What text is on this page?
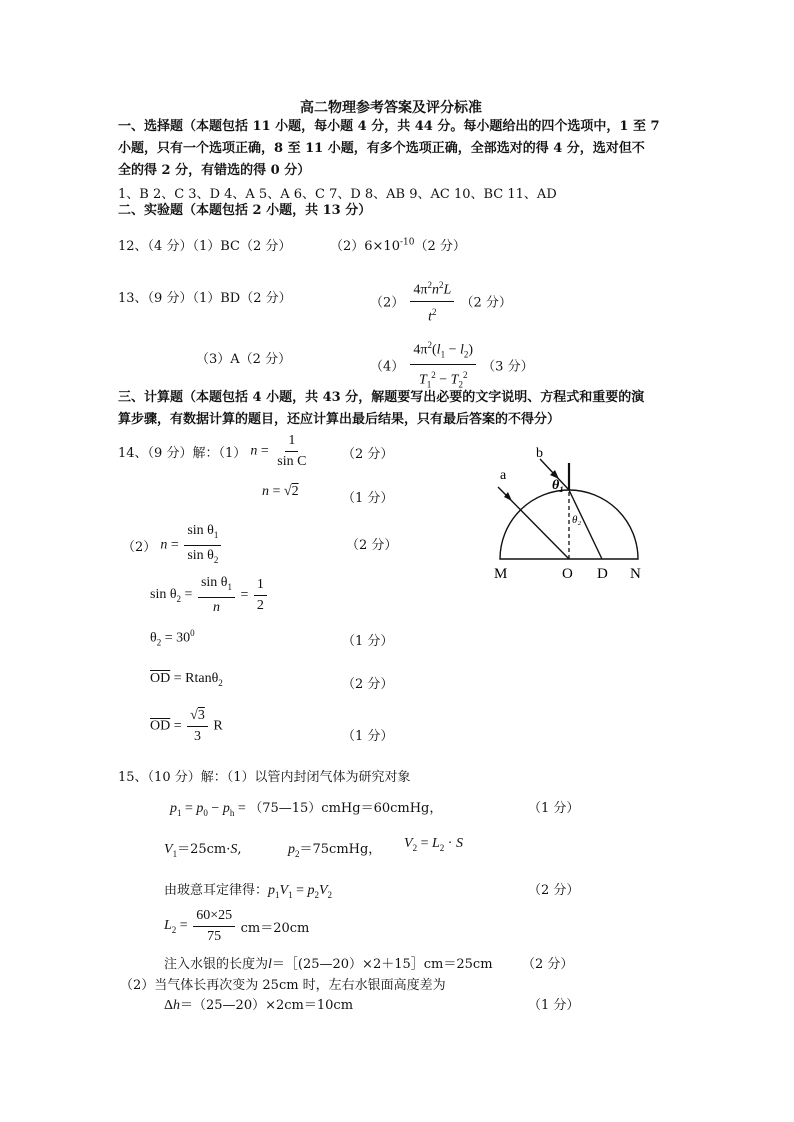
高二物理参考答案及评分标准
一、选择题（本题包括 11 小题，每小题 4 分，共 44 分。每小题给出的四个选项中，1 至 7
小题，只有一个选项正确，8 至 11 小题，有多个选项正确，全部选对的得 4 分，选对但不
全的得 2 分，有错选的得 0 分）
1、B 2、C 3、D 4、A 5、A 6、C 7、D 8、AB 9、AC 10、BC 11、AD
二、实验题（本题包括 2 小题，共 13 分）
12、（4 分）（1）BC（2 分）	$(2)6\times 10^{-10}(2$ 分）
13、（9 分）（1）BD（2 分）	$(2) \frac{4\pi^2n^2L}{t^2} (2$ 分）
（3）A（2 分）	$(4) \frac{4\pi^2(l_1 - l_2)}{T_1^2 - T_2^2} (3$ 分）
三、计算题（本题包括 4 小题，共 43 分，解题要写出必要的文字说明、方程式和重要的演
算步骤，有数据计算的题目，还应计算出最后结果，只有最后答案的不得分）
14、（9 分）解：（1） $n = \frac{1}{\text{sin C}}$	（2 分）
n = √2	（1 分）
（2） $n = \frac{\sin \theta_1}{\sin \theta_2}$	（2 分）
$\sin \theta_2 = \frac{\sin \theta_1}{n} = \frac{1}{2}$
$\theta_2 = 30^0$
（1 分）
$\overline{OD} = Rtan\theta_2$	（2 分）
$\overline{OD} = \frac{√3}{3}$ R
（1 分）
a
b
θ₁
θ₂
M	O D N
15、（10 分）解：（1）以管内封闭气体为研究对象
$p_1 = p_0 - p_h$ = （75—15）cmHg＝60cmHg，	（1 分）
$V_1=25cm\cdot S$,	$p_2=75cmHg$， $V_2 = L_2 \cdot S$
由玻意耳定律得：$p_1V_1 = p_2V_2$	（2 分）
$L_2 = \frac{60\times 25}{75} cm=20cm$
注入水银的长度为l＝［(25—20）×2＋15］cm＝25cm （2 分）
（2）当气体长再次变为 25cm 时，左右水银面高度差为
Δh＝（25—20）×2cm＝10cm	（1 分）
